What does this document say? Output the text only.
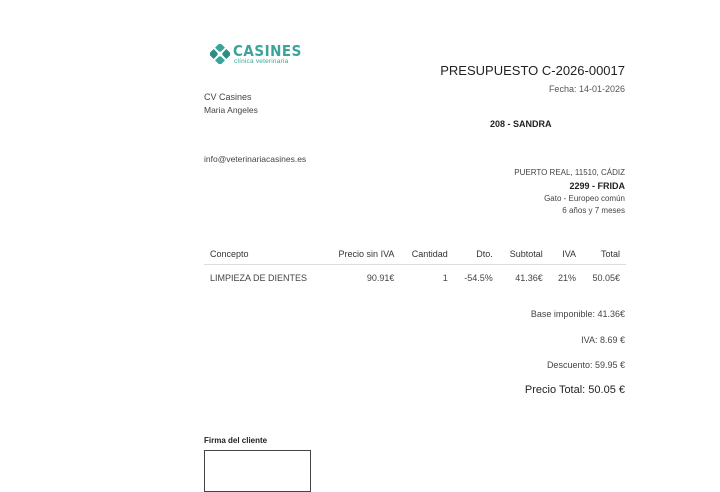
CASINES
clínica veterinaria
PRESUPUESTO C-2026-00017
Fecha: 14-01-2026
CV Casines
Maria Angeles
info@veterinariacasines.es
208 - SANDRA
PUERTO REAL, 11510, CÁDIZ
2299 - FRIDA
Gato - Europeo común
6 años y 7 meses
Concepto	Precio sin IVA	Cantidad	Dto.	Subtotal	IVA	Total
LIMPIEZA DE DIENTES	90.91€	1	-54.5%	41.36€	21%	50.05€
Base imponible: 41.36€
IVA: 8.69 €
Descuento: 59.95 €
Precio Total: 50.05 €
Firma del cliente
